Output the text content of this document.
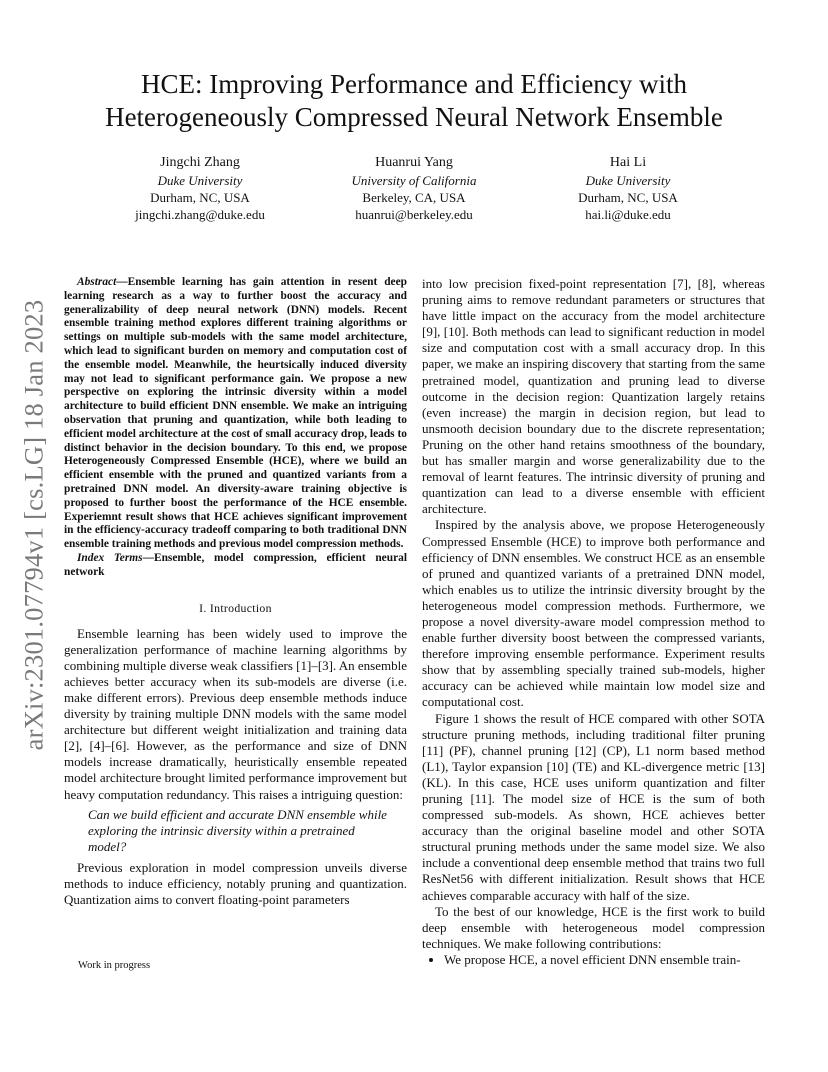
arXiv:2301.07794v1 [cs.LG] 18 Jan 2023
HCE: Improving Performance and Efficiency with
Heterogeneously Compressed Neural Network Ensemble
Jingchi Zhang
Duke University
Durham, NC, USA
jingchi.zhang@duke.edu
Huanrui Yang
University of California
Berkeley, CA, USA
huanrui@berkeley.edu
Hai Li
Duke University
Durham, NC, USA
hai.li@duke.edu

Abstract—Ensemble learning has gain attention in resent deep learning research as a way to further boost the accuracy and generalizability of deep neural network (DNN) models. Recent ensemble training method explores different training algorithms or settings on multiple sub-models with the same model architecture, which lead to significant burden on memory and computation cost of the ensemble model. Meanwhile, the heurtsically induced diversity may not lead to significant performance gain. We propose a new perspective on exploring the intrinsic diversity within a model architecture to build efficient DNN ensemble. We make an intriguing observation that pruning and quantization, while both leading to efficient model architecture at the cost of small accuracy drop, leads to distinct behavior in the decision boundary. To this end, we propose Heterogeneously Compressed Ensemble (HCE), where we build an efficient ensemble with the pruned and quantized variants from a pretrained DNN model. An diversity-aware training objective is proposed to further boost the performance of the HCE ensemble. Experiemnt result shows that HCE achieves significant improvement in the efficiency-accuracy tradeoff comparing to both traditional DNN ensemble training methods and previous model compression methods.

Index Terms—Ensemble, model compression, efficient neural network

I. Introduction

Ensemble learning has been widely used to improve the generalization performance of machine learning algorithms by combining multiple diverse weak classifiers [1]–[3]. An ensemble achieves better accuracy when its sub-models are diverse (i.e. make different errors). Previous deep ensemble methods induce diversity by training multiple DNN models with the same model architecture but different weight initialization and training data [2], [4]–[6]. However, as the performance and size of DNN models increase dramatically, heuristically ensemble repeated model architecture brought limited performance improvement but heavy computation redundancy. This raises a intriguing question:

Can we build efficient and accurate DNN ensemble while exploring the intrinsic diversity within a pretrained model?

Previous exploration in model compression unveils diverse methods to induce efficiency, notably pruning and quantization. Quantization aims to convert floating-point parameters

Work in progress

into low precision fixed-point representation [7], [8], whereas pruning aims to remove redundant parameters or structures that have little impact on the accuracy from the model architecture [9], [10]. Both methods can lead to significant reduction in model size and computation cost with a small accuracy drop. In this paper, we make an inspiring discovery that starting from the same pretrained model, quantization and pruning lead to diverse outcome in the decision region: Quantization largely retains (even increase) the margin in decision region, but lead to unsmooth decision boundary due to the discrete representation; Pruning on the other hand retains smoothness of the boundary, but has smaller margin and worse generalizability due to the removal of learnt features. The intrinsic diversity of pruning and quantization can lead to a diverse ensemble with efficient architecture.

Inspired by the analysis above, we propose Heterogeneously Compressed Ensemble (HCE) to improve both performance and efficiency of DNN ensembles. We construct HCE as an ensemble of pruned and quantized variants of a pretrained DNN model, which enables us to utilize the intrinsic diversity brought by the heterogeneous model compression methods. Furthermore, we propose a novel diversity-aware model compression method to enable further diversity boost between the compressed variants, therefore improving ensemble performance. Experiment results show that by assembling specially trained sub-models, higher accuracy can be achieved while maintain low model size and computational cost.

Figure 1 shows the result of HCE compared with other SOTA structure pruning methods, including traditional filter pruning [11] (PF), channel pruning [12] (CP), L1 norm based method (L1), Taylor expansion [10] (TE) and KL-divergence metric [13] (KL). In this case, HCE uses uniform quantization and filter pruning [11]. The model size of HCE is the sum of both compressed sub-models. As shown, HCE achieves better accuracy than the original baseline model and other SOTA structural pruning methods under the same model size. We also include a conventional deep ensemble method that trains two full ResNet56 with different initialization. Result shows that HCE achieves comparable accuracy with half of the size.

To the best of our knowledge, HCE is the first work to build deep ensemble with heterogeneous model compression techniques. We make following contributions:

• We propose HCE, a novel efficient DNN ensemble train-
